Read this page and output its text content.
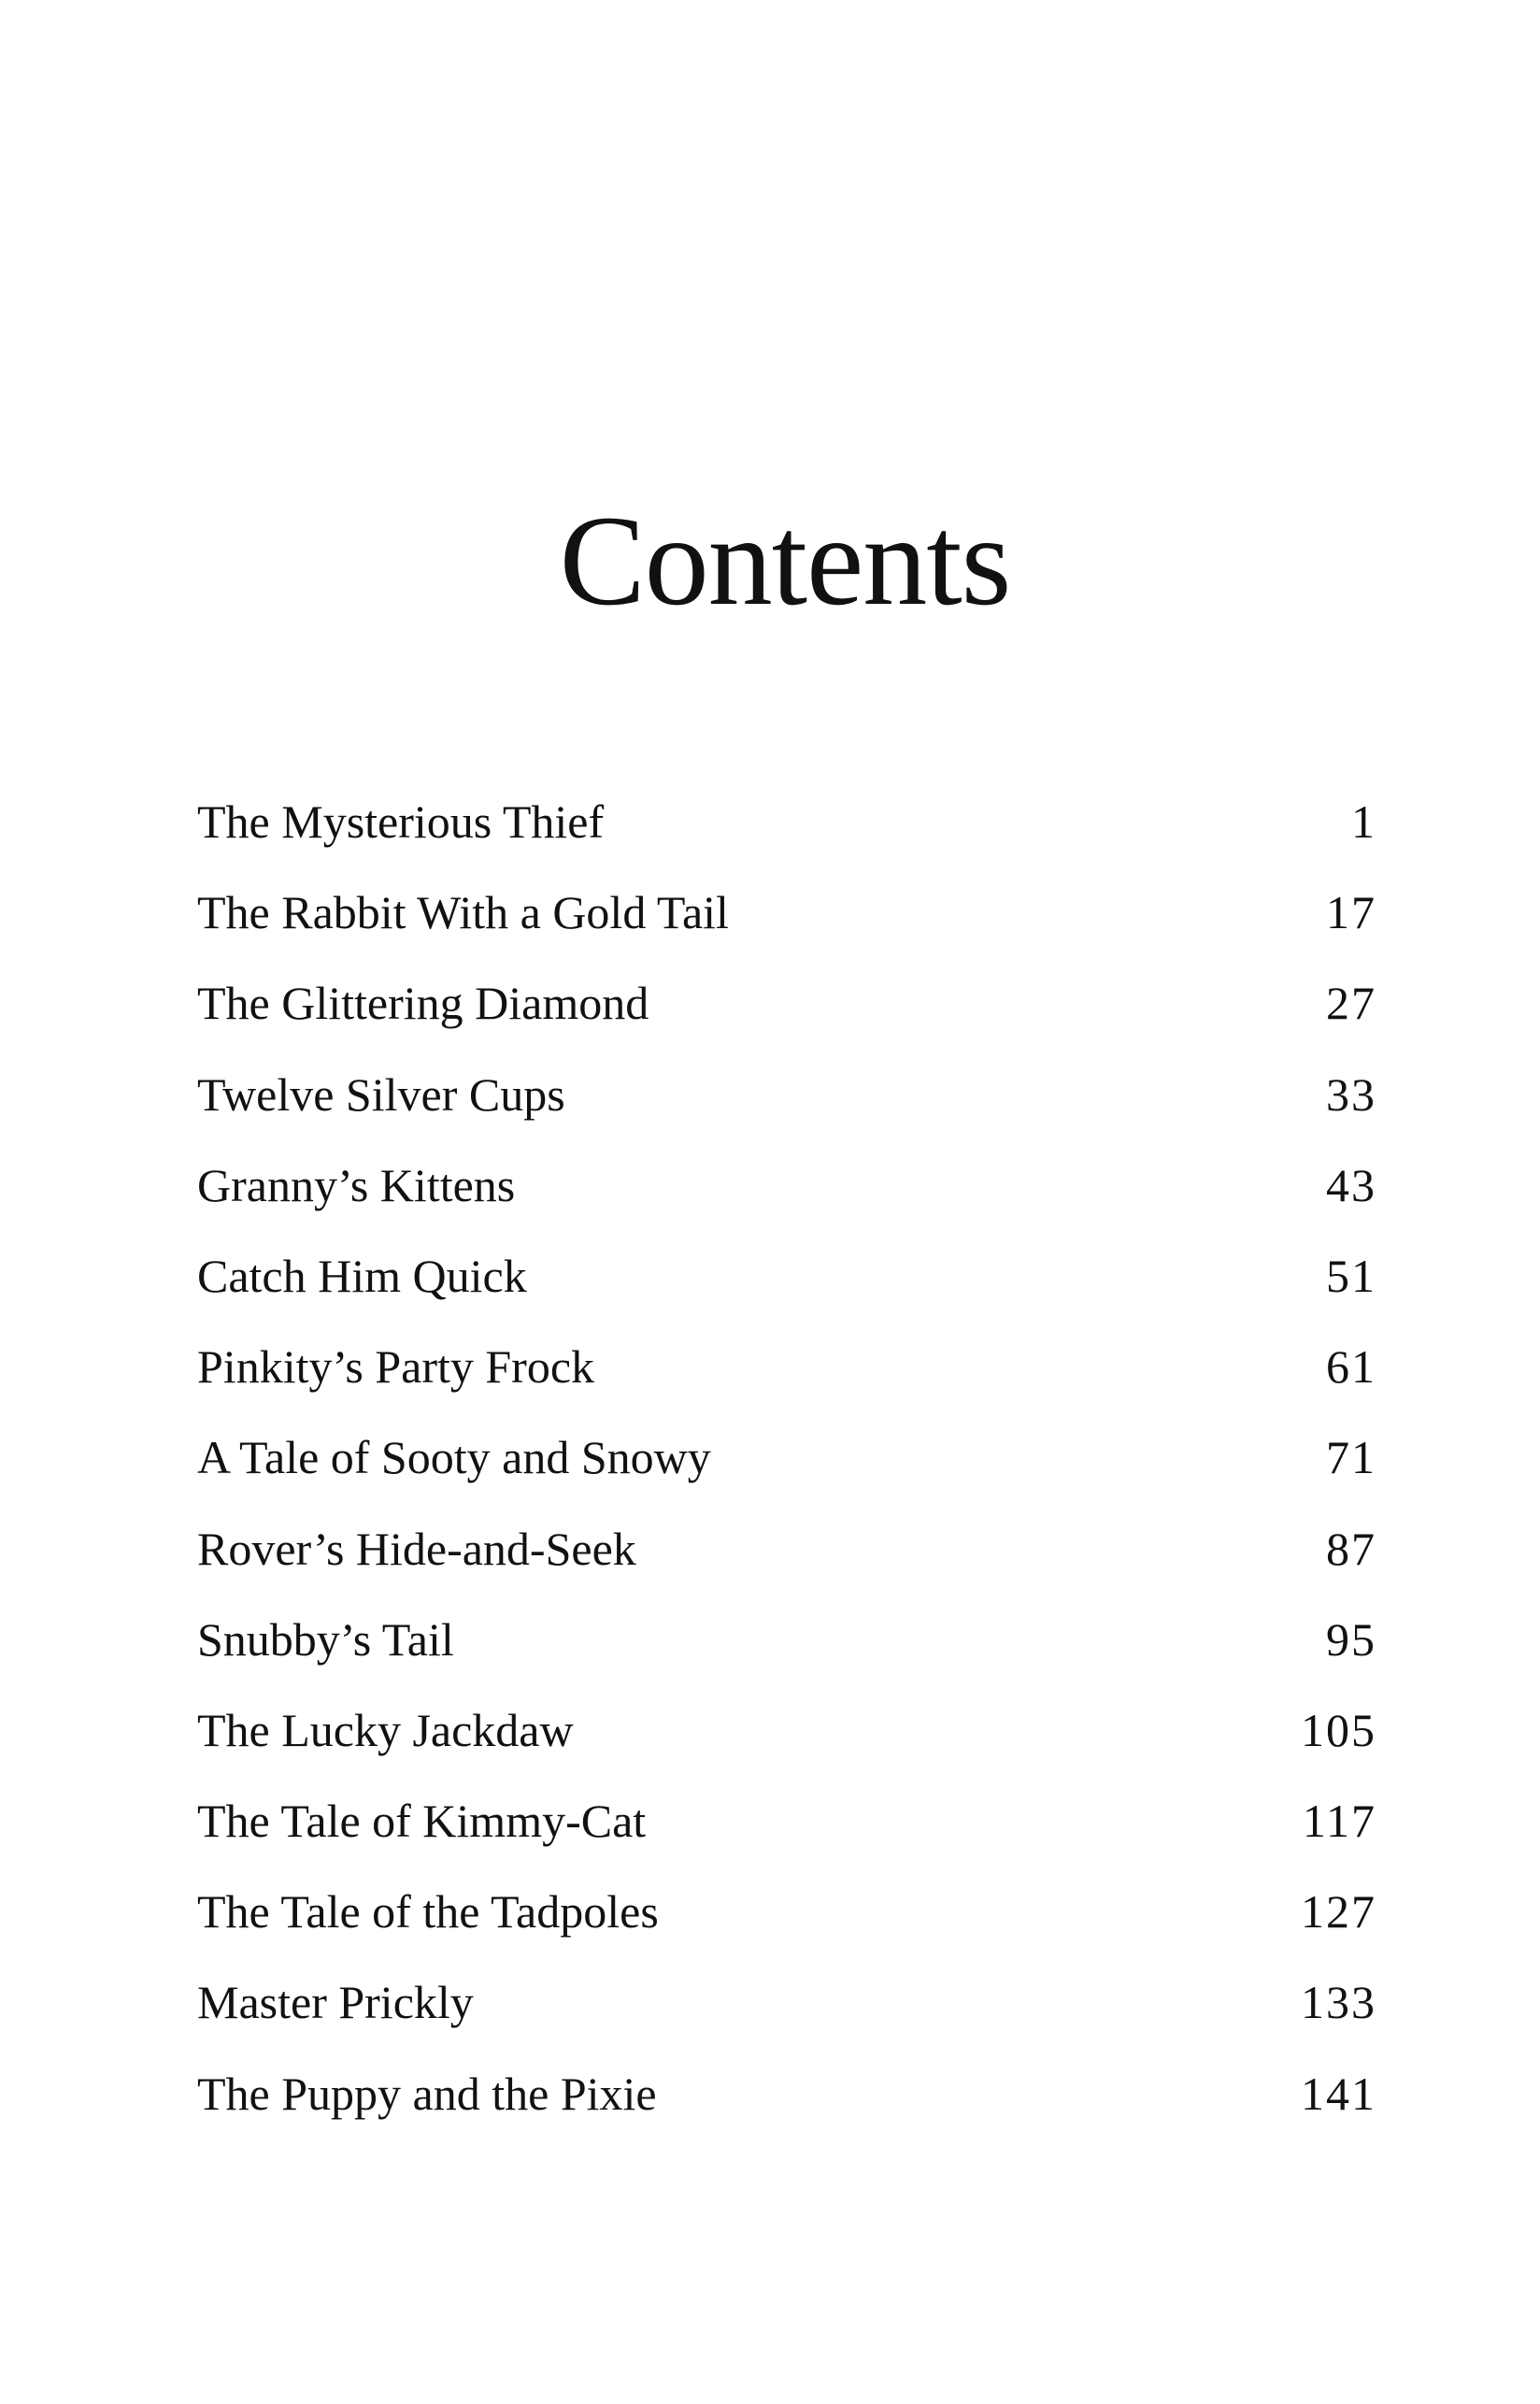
Contents
The Mysterious Thief	1
The Rabbit With a Gold Tail	17
The Glittering Diamond	27
Twelve Silver Cups	33
Granny’s Kittens	43
Catch Him Quick	51
Pinkity’s Party Frock	61
A Tale of Sooty and Snowy	71
Rover’s Hide-and-Seek	87
Snubby’s Tail	95
The Lucky Jackdaw	105
The Tale of Kimmy-Cat	117
The Tale of the Tadpoles	127
Master Prickly	133
The Puppy and the Pixie	141
